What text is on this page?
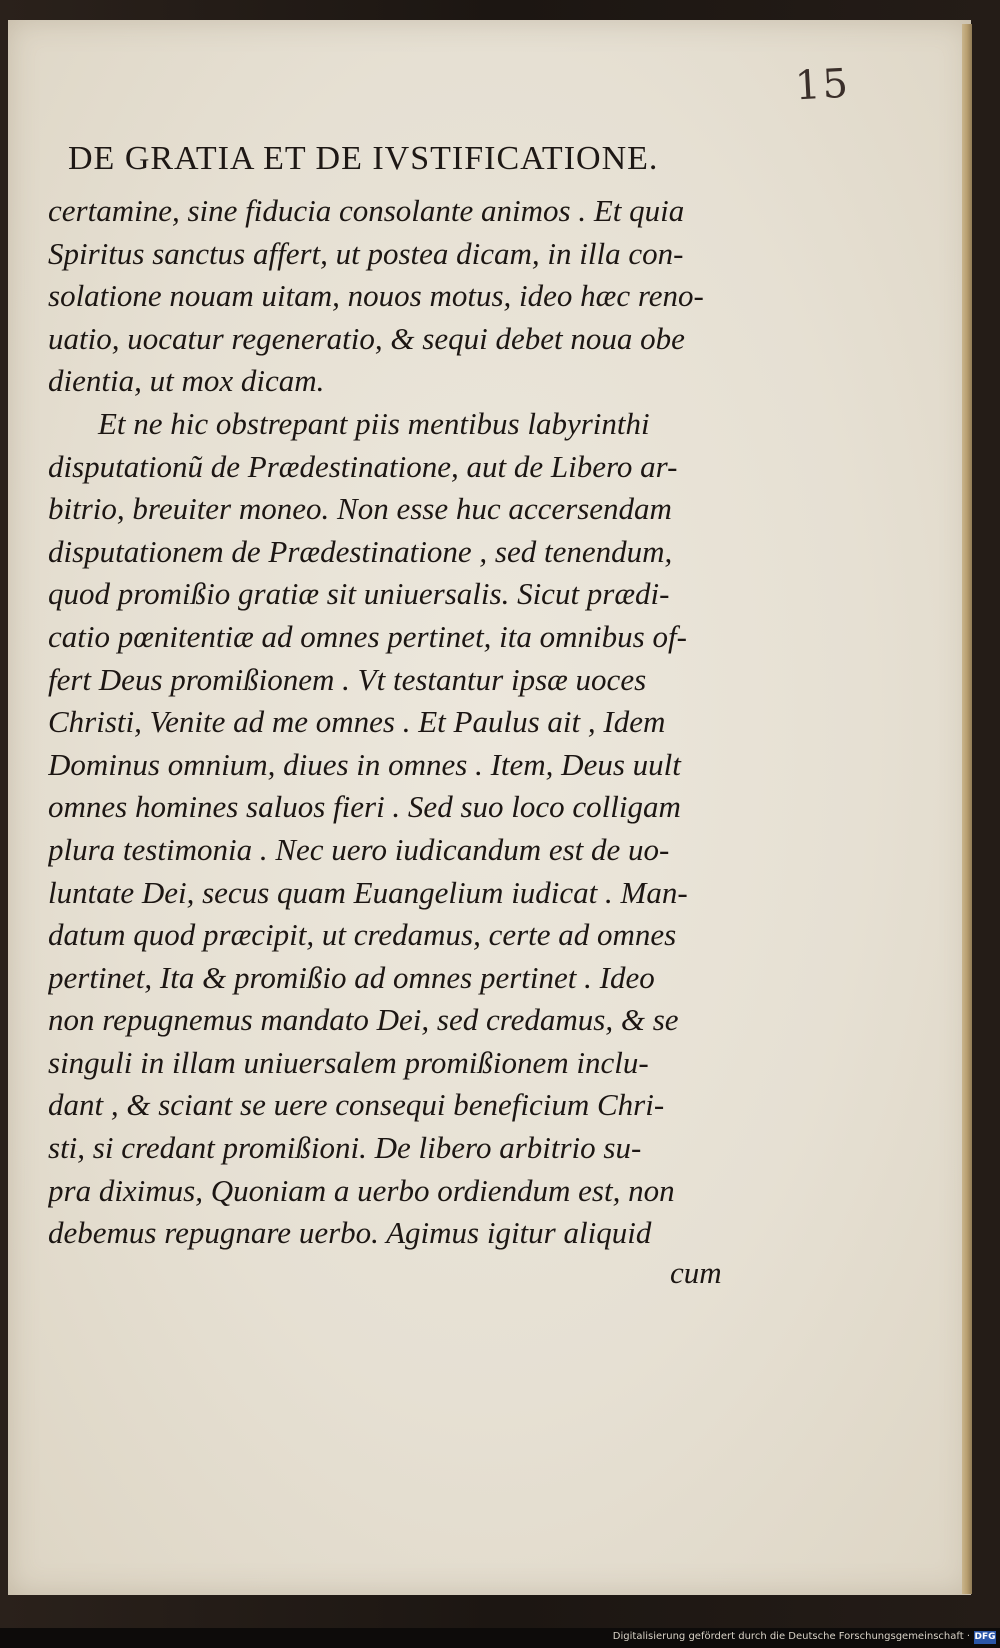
15
DE GRATIA ET DE IVSTIFICATIONE.
certamine, sine fiducia consolante animos . Et quia
Spiritus sanctus affert, ut postea dicam, in illa con-
solatione nouam uitam, nouos motus, ideo hæc reno-
uatio, uocatur regeneratio, & sequi debet noua obe
dientia, ut mox dicam.
Et ne hic obstrepant piis mentibus labyrinthi
disputationũ de Prædestinatione, aut de Libero ar-
bitrio, breuiter moneo. Non esse huc accersendam
disputationem de Prædestinatione , sed tenendum,
quod promißio gratiæ sit uniuersalis. Sicut prædi-
catio pœnitentiæ ad omnes pertinet, ita omnibus of-
fert Deus promißionem . Vt testantur ipsæ uoces
Christi, Venite ad me omnes . Et Paulus ait , Idem
Dominus omnium, diues in omnes . Item, Deus uult
omnes homines saluos fieri . Sed suo loco colligam
plura testimonia . Nec uero iudicandum est de uo-
luntate Dei, secus quam Euangelium iudicat . Man-
datum quod præcipit, ut credamus, certe ad omnes
pertinet, Ita & promißio ad omnes pertinet . Ideo
non repugnemus mandato Dei, sed credamus, & se
singuli in illam uniuersalem promißionem inclu-
dant , & sciant se uere consequi beneficium Chri-
sti, si credant promißioni. De libero arbitrio su-
pra diximus, Quoniam a uerbo ordiendum est, non
debemus repugnare uerbo. Agimus igitur aliquid
cum
Digitalisierung gefördert durch die Deutsche Forschungsgemeinschaft · DFG
